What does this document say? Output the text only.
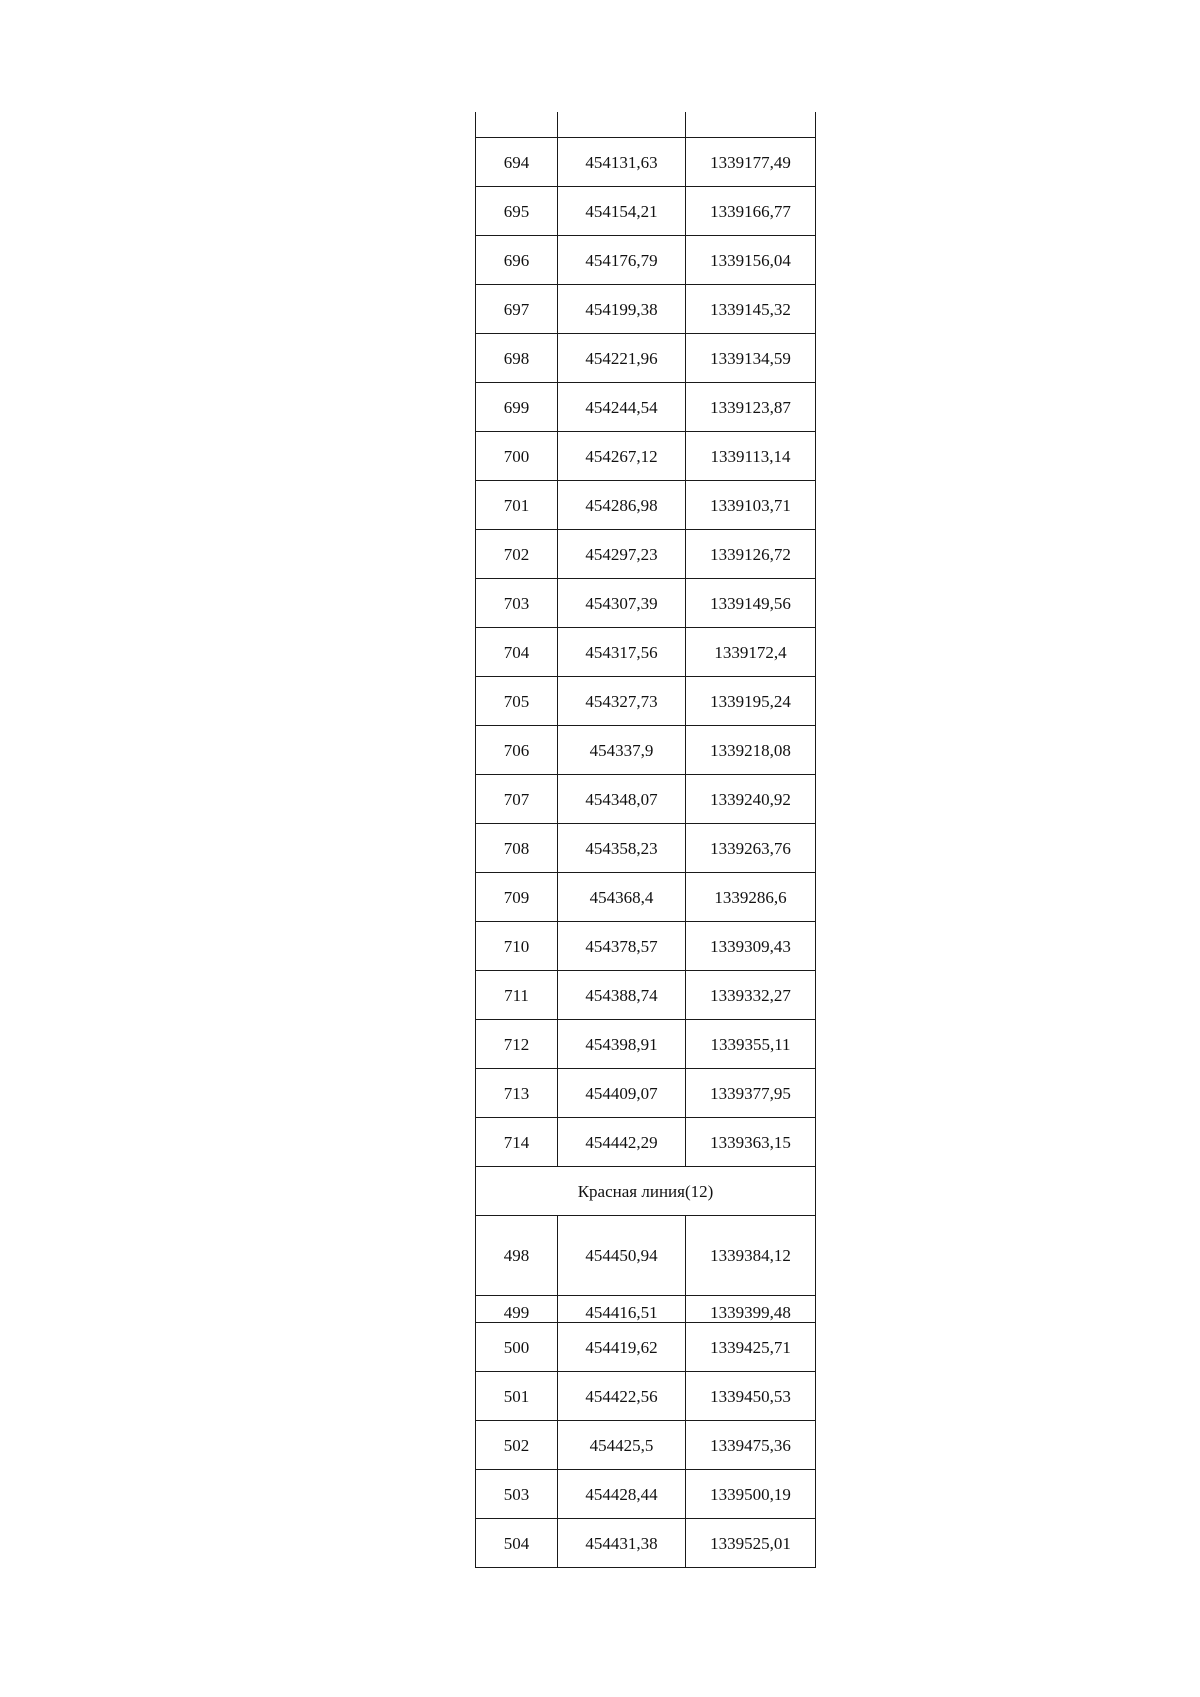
694	454131,63	1339177,49
695	454154,21	1339166,77
696	454176,79	1339156,04
697	454199,38	1339145,32
698	454221,96	1339134,59
699	454244,54	1339123,87
700	454267,12	1339113,14
701	454286,98	1339103,71
702	454297,23	1339126,72
703	454307,39	1339149,56
704	454317,56	1339172,4
705	454327,73	1339195,24
706	454337,9	1339218,08
707	454348,07	1339240,92
708	454358,23	1339263,76
709	454368,4	1339286,6
710	454378,57	1339309,43
711	454388,74	1339332,27
712	454398,91	1339355,11
713	454409,07	1339377,95
714	454442,29	1339363,15
Красная линия(12)		
498	454450,94	1339384,12
499	454416,51	1339399,48
500	454419,62	1339425,71
501	454422,56	1339450,53
502	454425,5	1339475,36
503	454428,44	1339500,19
504	454431,38	1339525,01
